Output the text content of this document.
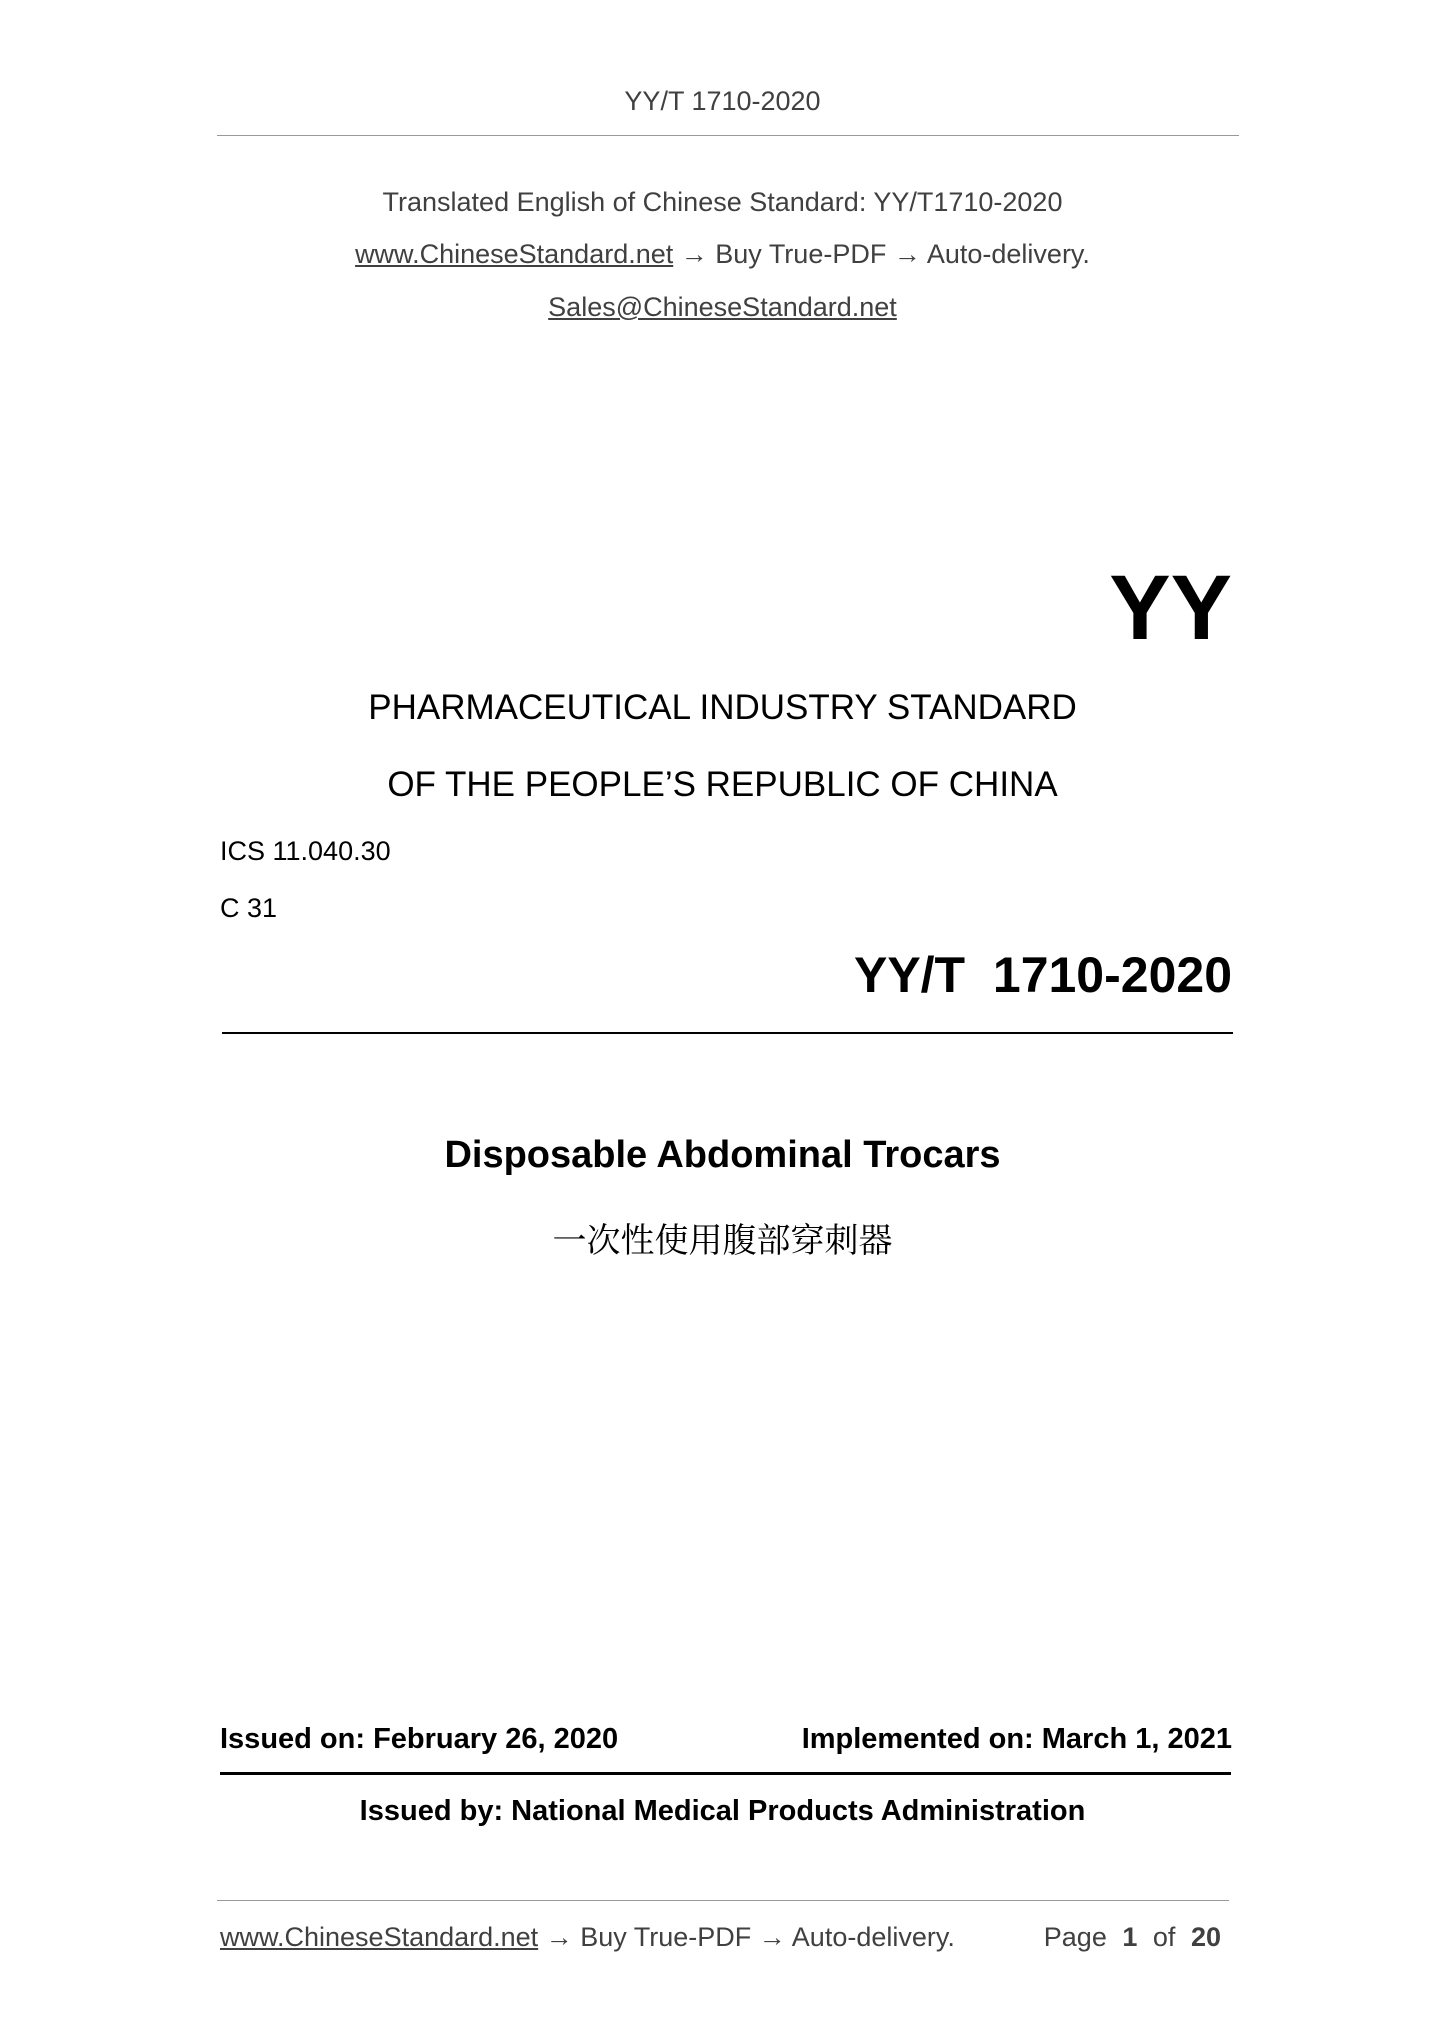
YY/T 1710-2020
Translated English of Chinese Standard: YY/T1710-2020
www.ChineseStandard.net → Buy True-PDF → Auto-delivery.
Sales@ChineseStandard.net
YY
PHARMACEUTICAL INDUSTRY STANDARD
OF THE PEOPLE’S REPUBLIC OF CHINA
ICS 11.040.30
C 31
YY/T  1710-2020
Disposable Abdominal Trocars
一次性使用腹部穿刺器
Issued on: February 26, 2020	Implemented on: March 1, 2021
Issued by: National Medical Products Administration
www.ChineseStandard.net → Buy True-PDF → Auto-delivery.	Page 1 of 20
